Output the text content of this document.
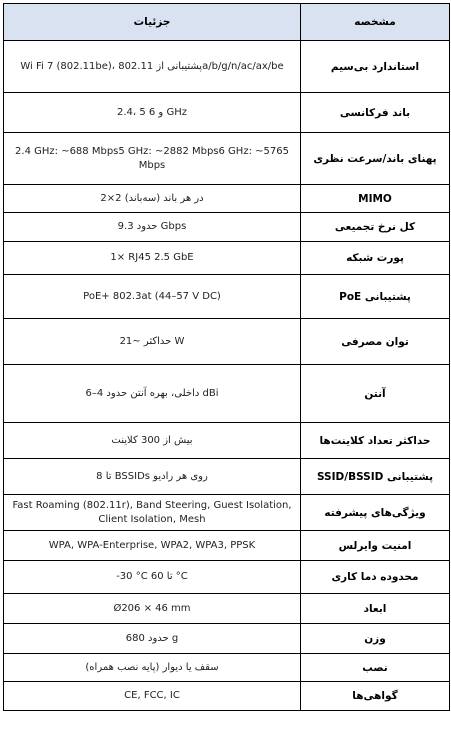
جزئیات	مشخصه
Wi Fi 7 (802.11be)، پشتیبانی از 802.11a/b/g/n/ac/ax/be	استاندارد بی‌سیم
2.4، 5 و 6 GHz	باند فرکانسی
2.4 GHz: ~688 Mbps5 GHz: ~2882 Mbps6 GHz: ~5765 Mbps	پهنای باند/سرعت نظری
2×2 در هر باند (سه‌باند)	MIMO
حدود 9.3 Gbps	کل نرخ تجمیعی
1× RJ45 2.5 GbE	پورت شبکه
PoE+ 802.3at (44–57 V DC)	پشتیبانی PoE
حداکثر ~21 W	توان مصرفی
داخلی، بهره آنتن حدود 4–6 dBi	آنتن
بیش از 300 کلاینت	حداکثر تعداد کلاینت‌ها
تا 8 BSSIDs روی هر رادیو	پشتیبانی SSID/BSSID
Fast Roaming (802.11r), Band Steering, Guest Isolation, Client Isolation, Mesh	ویژگی‌های پیشرفته
WPA, WPA-Enterprise, WPA2, WPA3, PPSK	امنیت وایرلس
-30 °C تا 60 °C	محدوده دما کاری
Ø206 × 46 mm	ابعاد
حدود 680 g	وزن
سقف یا دیوار (پایه نصب همراه)	نصب
CE, FCC, IC	گواهی‌ها
